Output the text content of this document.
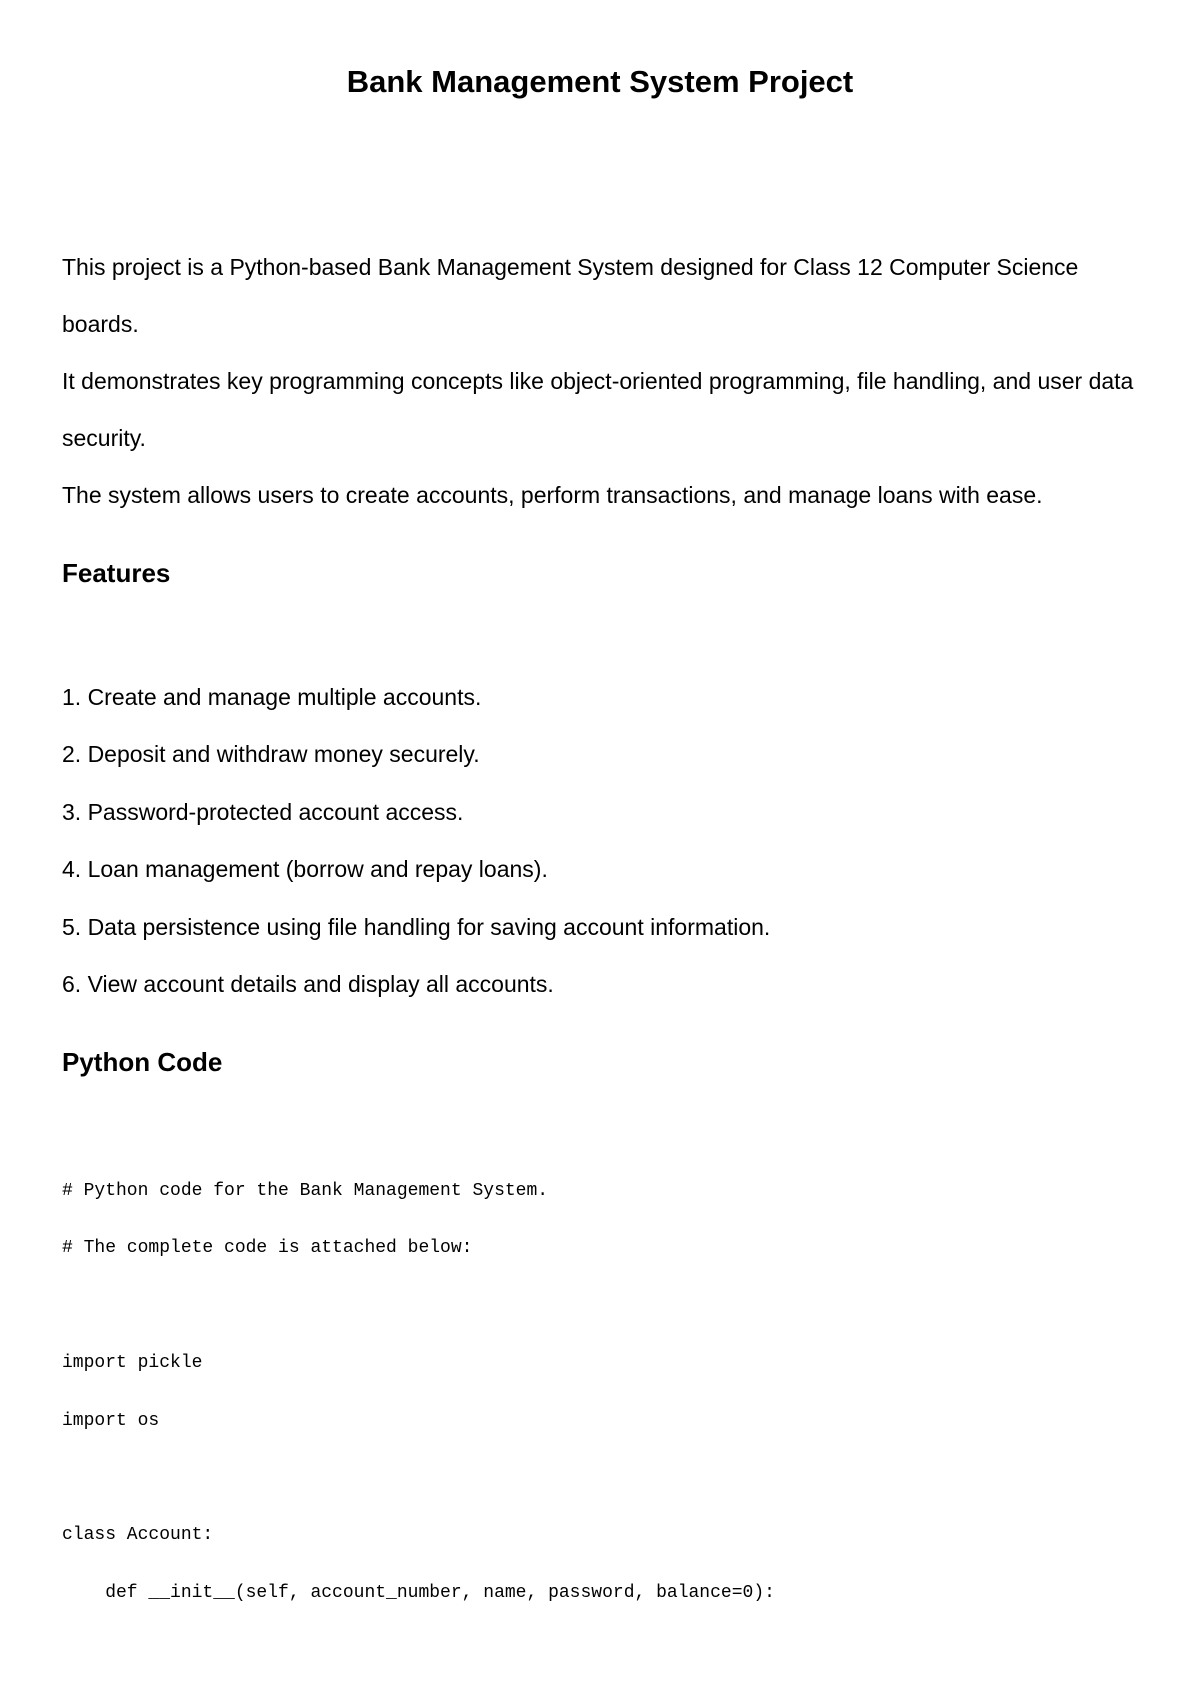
Bank Management System Project

This project is a Python-based Bank Management System designed for Class 12 Computer Science boards.

It demonstrates key programming concepts like object-oriented programming, file handling, and user data security.

The system allows users to create accounts, perform transactions, and manage loans with ease.

Features
1. Create and manage multiple accounts.
2. Deposit and withdraw money securely.
3. Password-protected account access.
4. Loan management (borrow and repay loans).
5. Data persistence using file handling for saving account information.
6. View account details and display all accounts.
Python Code
# Python code for the Bank Management System.
# The complete code is attached below:
import pickle
import os
class Account:
def __init__(self, account_number, name, password, balance=0):
